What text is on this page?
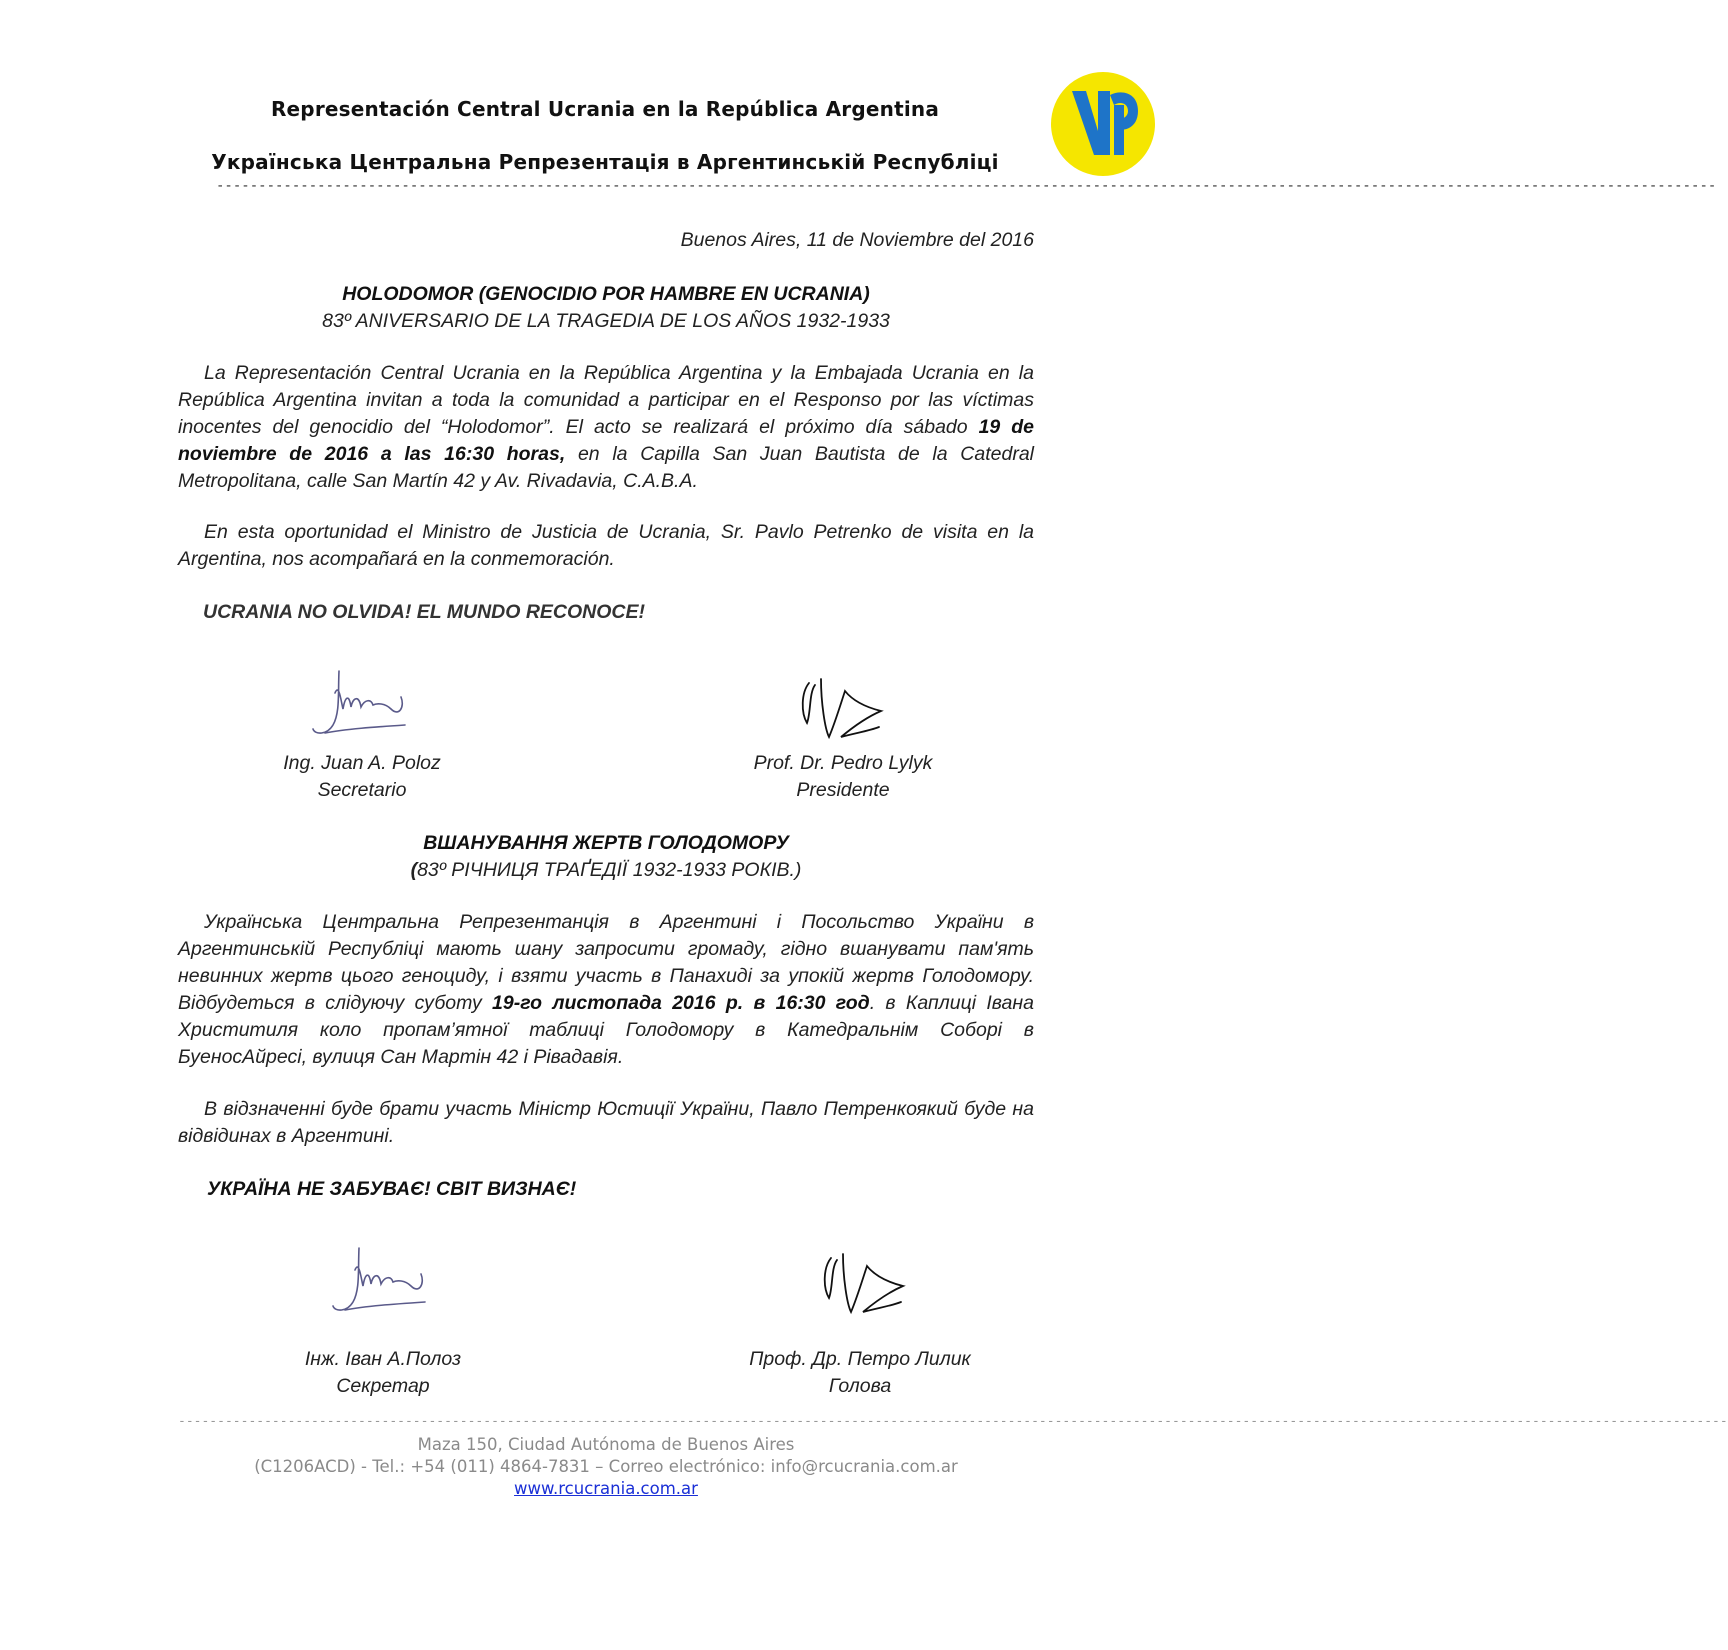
Representación Central Ucrania en la República Argentina
Українська Центральна Репрезентація в Аргентинській Республіці
----------------------------------------------------------------------------------------------------------------------------------------------------------------------------------
Buenos Aires, 11 de Noviembre del 2016
HOLODOMOR (GENOCIDIO POR HAMBRE EN UCRANIA)
83º ANIVERSARIO DE LA TRAGEDIA DE LOS AÑOS 1932-1933
La Representación Central Ucrania en la República Argentina y la Embajada Ucrania en la República Argentina invitan a toda la comunidad a participar en el Responso por las víctimas inocentes del genocidio del “Holodomor”. El acto se realizará el próximo día sábado 19 de noviembre de 2016 a las 16:30 horas, en la Capilla San Juan Bautista de la Catedral Metropolitana, calle San Martín 42 y Av. Rivadavia, C.A.B.A.
En esta oportunidad el Ministro de Justicia de Ucrania, Sr. Pavlo Petrenko de visita en la Argentina, nos acompañará en la conmemoración.
UCRANIA NO OLVIDA! EL MUNDO RECONOCE!
Ing. Juan A. Poloz
Secretario
Prof. Dr. Pedro Lylyk
Presidente
ВШАНУВАННЯ ЖЕРТВ ГОЛОДОМОРУ
(83º РІЧНИЦЯ ТРАҐЕДІЇ 1932-1933 РОКІВ.)
Українська Центральна Репрезентанція в Аргентині і Посольство України в Аргентинській Республіці мають шану запросити громаду, гідно вшанувати пам'ять невинних жертв цього геноциду, і взяти участь в Панахиді за упокій жертв Голодомору. Відбудеться в слідуючу суботу 19-го листопада 2016 р. в 16:30 год. в Каплиці Івана Христитиля коло пропам’ятної таблиці Голодомору в Катедральнім Соборі в БуеносАйресі, вулиця Сан Мартін 42 і Рівадавія.
В відзначенні буде брати участь Міністр Юстиції України, Павло Петренкоякий буде на відвідинах в Аргентині.
УКРАЇНА НЕ ЗАБУВАЄ! СВІТ ВИЗНАЄ!
Інж. Іван А.Полоз
Секретар
Проф. Др. Петро Лилик
Голова
------------------------------------------------------------------------------------------------------------------------------------------------------------------------------------------------------
Maza 150, Ciudad Autónoma de Buenos Aires
(C1206ACD) - Tel.: +54 (011) 4864-7831 – Correo electrónico: info@rcucrania.com.ar
www.rcucrania.com.ar
